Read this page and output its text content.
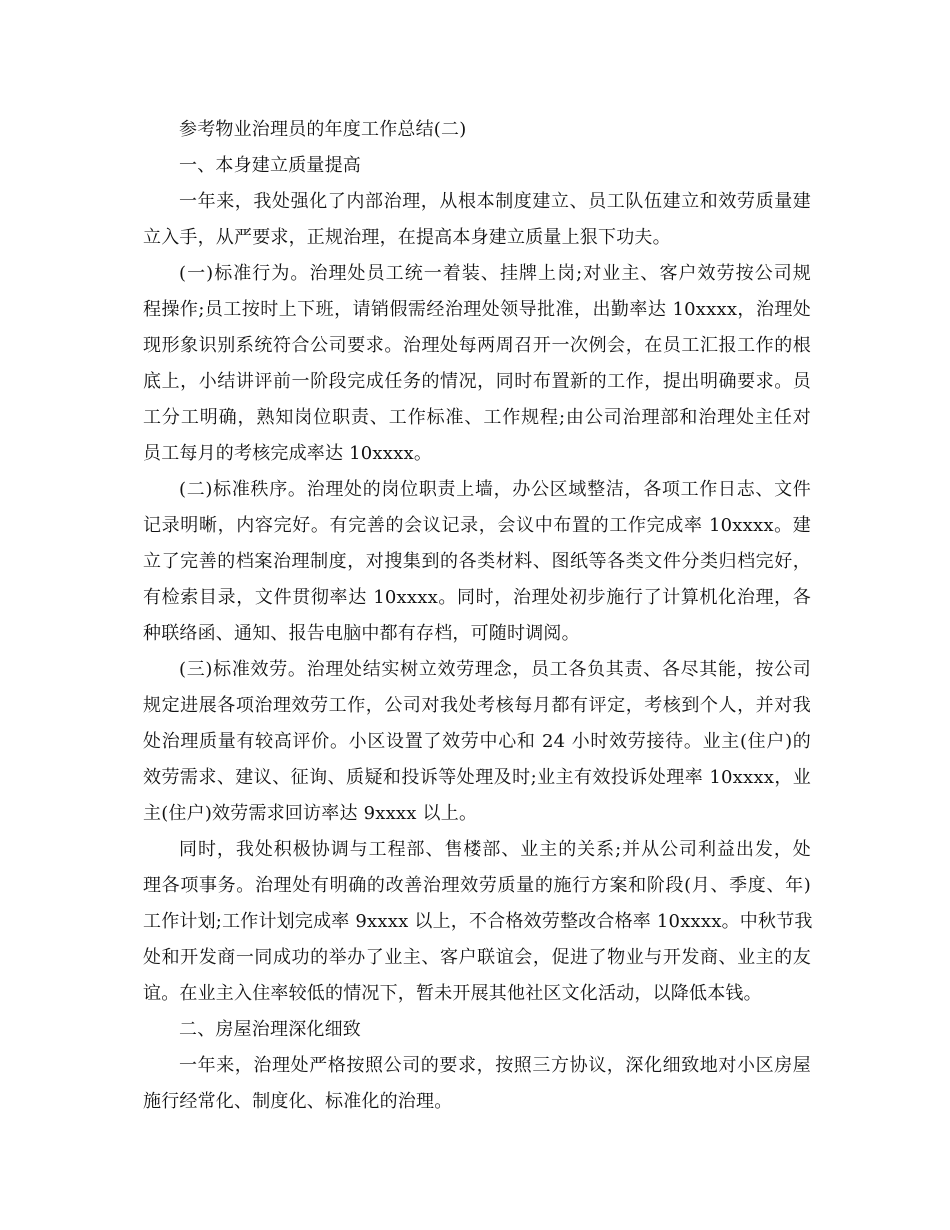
参考物业治理员的年度工作总结(二)

一、本身建立质量提高

一年来，我处强化了内部治理，从根本制度建立、员工队伍建立和效劳质量建

立入手，从严要求，正规治理，在提高本身建立质量上狠下功夫。

(一)标准行为。治理处员工统一着装、挂牌上岗;对业主、客户效劳按公司规

程操作;员工按时上下班，请销假需经治理处领导批准，出勤率达 10xxxx，治理处

现形象识别系统符合公司要求。治理处每两周召开一次例会，在员工汇报工作的根

底上，小结讲评前一阶段完成任务的情况，同时布置新的工作，提出明确要求。员

工分工明确，熟知岗位职责、工作标准、工作规程;由公司治理部和治理处主任对

员工每月的考核完成率达 10xxxx。

(二)标准秩序。治理处的岗位职责上墙，办公区域整洁，各项工作日志、文件

记录明晰，内容完好。有完善的会议记录，会议中布置的工作完成率 10xxxx。建

立了完善的档案治理制度，对搜集到的各类材料、图纸等各类文件分类归档完好，

有检索目录，文件贯彻率达 10xxxx。同时，治理处初步施行了计算机化治理，各

种联络函、通知、报告电脑中都有存档，可随时调阅。

(三)标准效劳。治理处结实树立效劳理念，员工各负其责、各尽其能，按公司

规定进展各项治理效劳工作，公司对我处考核每月都有评定，考核到个人，并对我

处治理质量有较高评价。小区设置了效劳中心和 24 小时效劳接待。业主(住户)的

效劳需求、建议、征询、质疑和投诉等处理及时;业主有效投诉处理率 10xxxx，业

主(住户)效劳需求回访率达 9xxxx 以上。

同时，我处积极协调与工程部、售楼部、业主的关系;并从公司利益出发，处

理各项事务。治理处有明确的改善治理效劳质量的施行方案和阶段(月、季度、年)

工作计划;工作计划完成率 9xxxx 以上，不合格效劳整改合格率 10xxxx。中秋节我

处和开发商一同成功的举办了业主、客户联谊会，促进了物业与开发商、业主的友

谊。在业主入住率较低的情况下，暂未开展其他社区文化活动，以降低本钱。

二、房屋治理深化细致

一年来，治理处严格按照公司的要求，按照三方协议，深化细致地对小区房屋

施行经常化、制度化、标准化的治理。
